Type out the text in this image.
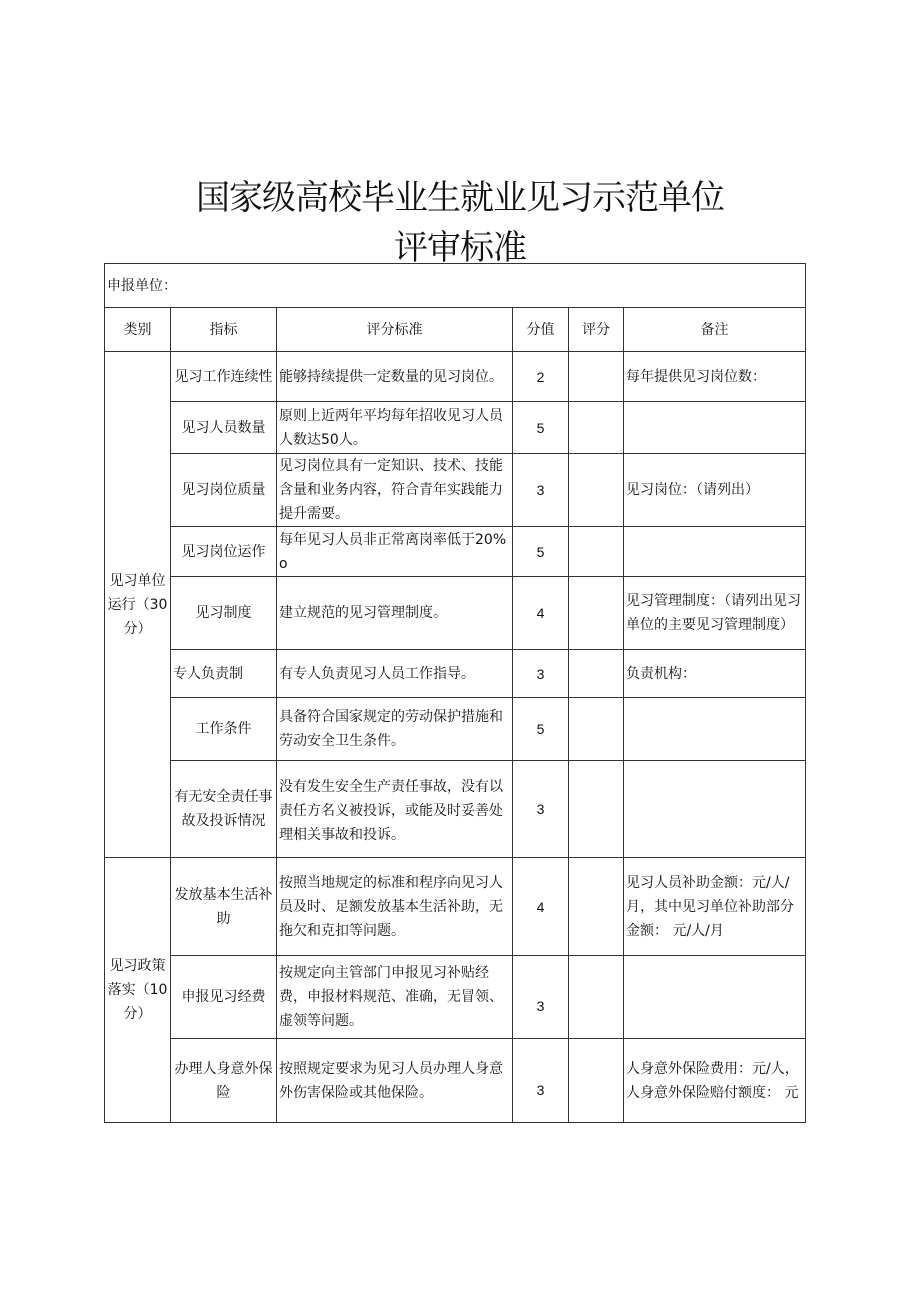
国家级高校毕业生就业见习示范单位
评审标准
申报单位：					
类别	指标	评分标准	分值	评分	备注
见习单位运行（30分）	见习工作连续性	能够持续提供一定数量的见习岗位。	2		每年提供见习岗位数：
	见习人员数量	原则上近两年平均每年招收见习人员人数达50人。	5		
	见习岗位质量	见习岗位具有一定知识、技术、技能含量和业务内容，符合青年实践能力提升需要。	3		见习岗位：（请列出）
	见习岗位运作	每年见习人员非正常离岗率低于20%o	5		
	见习制度	建立规范的见习管理制度。	4		见习管理制度：（请列出见习单位的主要见习管理制度）
	专人负责制	有专人负责见习人员工作指导。	3		负责机构：
	工作条件	具备符合国家规定的劳动保护措施和劳动安全卫生条件。	5		
	有无安全责任事故及投诉情况	没有发生安全生产责任事故，没有以责任方名义被投诉，或能及时妥善处理相关事故和投诉。	3		
见习政策落实（10分）	发放基本生活补助	按照当地规定的标准和程序向见习人员及时、足额发放基本生活补助，无拖欠和克扣等问题。	4		见习人员补助金额：元/人/月，其中见习单位补助部分金额： 元/人/月
	申报见习经费	按规定向主管部门申报见习补贴经费，申报材料规范、准确，无冒领、虚领等问题。	3		
	办理人身意外保险	按照规定要求为见习人员办理人身意外伤害保险或其他保险。	3		人身意外保险费用：元/人，人身意外保险赔付额度： 元
